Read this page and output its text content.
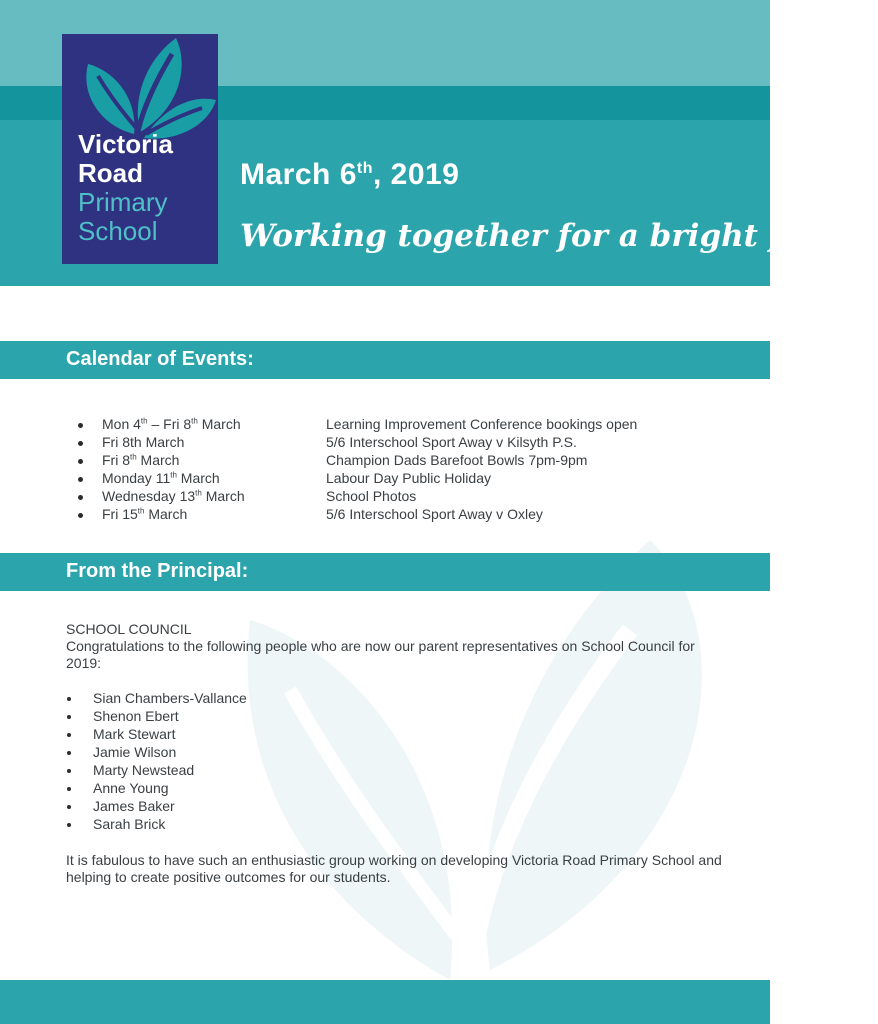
Victoria
Road
Primary
School
March 6th, 2019
Working together for a bright future
Calendar of Events:
Mon 4th – Fri 8th March	Learning Improvement Conference bookings open
Fri 8th March	5/6 Interschool Sport Away v Kilsyth P.S.
Fri 8th March	Champion Dads Barefoot Bowls 7pm-9pm
Monday 11th March	Labour Day Public Holiday
Wednesday 13th March	School Photos
Fri 15th March	5/6 Interschool Sport Away v Oxley
From the Principal:

SCHOOL COUNCIL

Congratulations to the following people who are now our parent representatives on School Council for 2019:

Sian Chambers-Vallance
Shenon Ebert
Mark Stewart
Jamie Wilson
Marty Newstead
Anne Young
James Baker
Sarah Brick

It is fabulous to have such an enthusiastic group working on developing Victoria Road Primary School and helping to create positive outcomes for our students.
